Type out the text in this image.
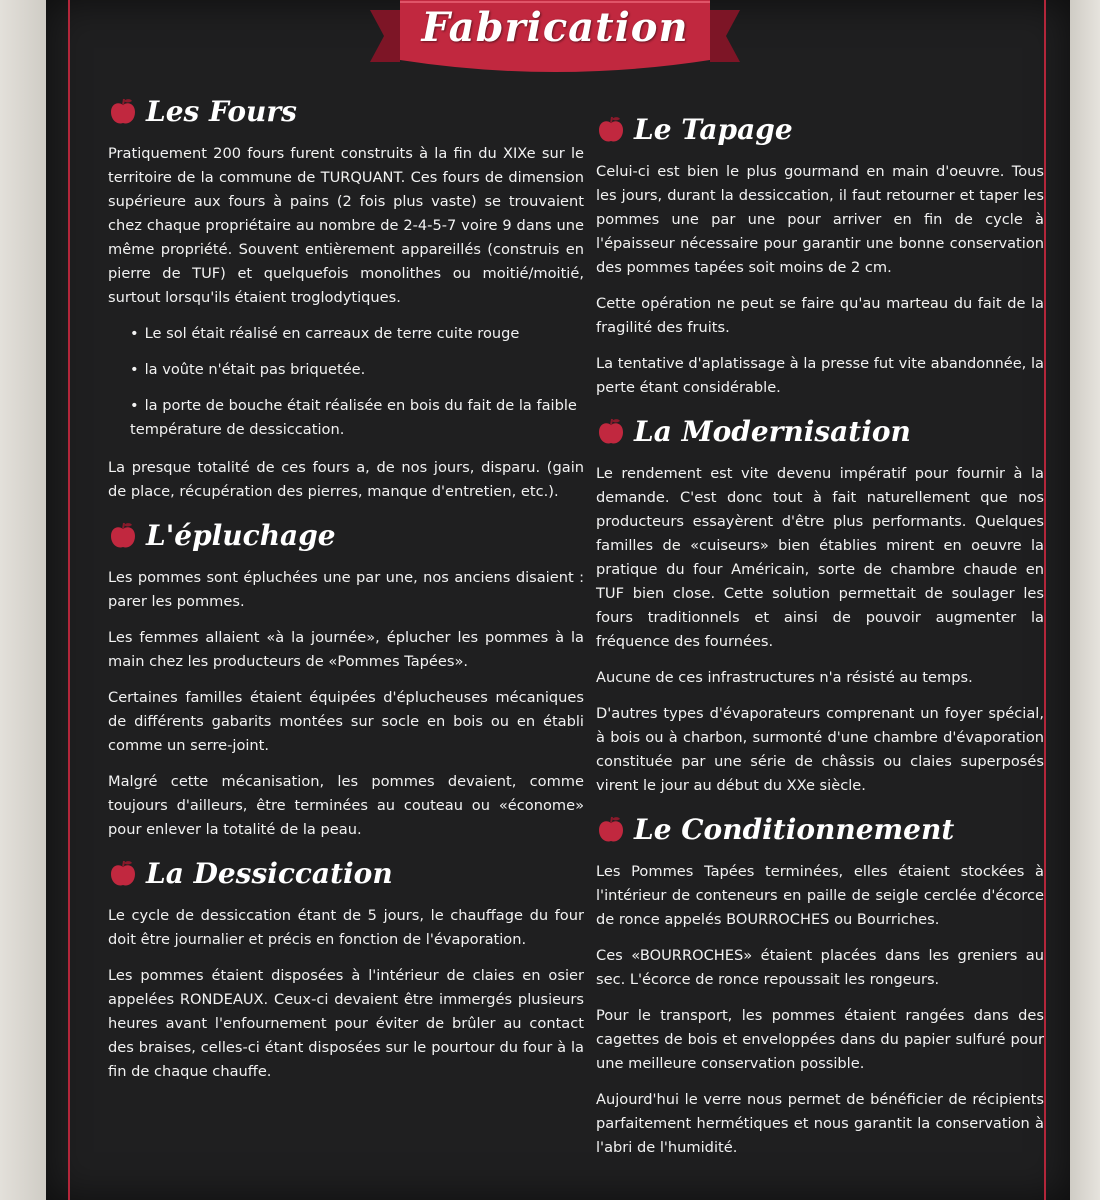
Fabrication
Les Fours

Pratiquement 200 fours furent construits à la fin du XIXe sur le territoire de la commune de TURQUANT. Ces fours de dimension supérieure aux fours à pains (2 fois plus vaste) se trouvaient chez chaque propriétaire au nombre de 2-4-5-7 voire 9 dans une même propriété. Souvent entièrement appareillés (construis en pierre de TUF) et quelquefois monolithes ou moitié/moitié, surtout lorsqu'ils étaient troglodytiques.

• Le sol était réalisé en carreaux de terre cuite rouge
• la voûte n'était pas briquetée.
• la porte de bouche était réalisée en bois du fait de la faible température de dessiccation.

La presque totalité de ces fours a, de nos jours, disparu. (gain de place, récupération des pierres, manque d'entretien, etc.).

L'épluchage

Les pommes sont épluchées une par une, nos anciens disaient : parer les pommes.

Les femmes allaient «à la journée», éplucher les pommes à la main chez les producteurs de «Pommes Tapées».

Certaines familles étaient équipées d'éplucheuses mécaniques de différents gabarits montées sur socle en bois ou en établi comme un serre-joint.

Malgré cette mécanisation, les pommes devaient, comme toujours d'ailleurs, être terminées au couteau ou «économe» pour enlever la totalité de la peau.

La Dessiccation

Le cycle de dessiccation étant de 5 jours, le chauffage du four doit être journalier et précis en fonction de l'évaporation.

Les pommes étaient disposées à l'intérieur de claies en osier appelées RONDEAUX. Ceux-ci devaient être immergés plusieurs heures avant l'enfournement pour éviter de brûler au contact des braises, celles-ci étant disposées sur le pourtour du four à la fin de chaque chauffe.

Le Tapage

Celui-ci est bien le plus gourmand en main d'oeuvre. Tous les jours, durant la dessiccation, il faut retourner et taper les pommes une par une pour arriver en fin de cycle à l'épaisseur nécessaire pour garantir une bonne conservation des pommes tapées soit moins de 2 cm.

Cette opération ne peut se faire qu'au marteau du fait de la fragilité des fruits.

La tentative d'aplatissage à la presse fut vite abandonnée, la perte étant considérable.

La Modernisation

Le rendement est vite devenu impératif pour fournir à la demande. C'est donc tout à fait naturellement que nos producteurs essayèrent d'être plus performants. Quelques familles de «cuiseurs» bien établies mirent en oeuvre la pratique du four Américain, sorte de chambre chaude en TUF bien close. Cette solution permettait de soulager les fours traditionnels et ainsi de pouvoir augmenter la fréquence des fournées.

Aucune de ces infrastructures n'a résisté au temps.

D'autres types d'évaporateurs comprenant un foyer spécial, à bois ou à charbon, surmonté d'une chambre d'évaporation constituée par une série de châssis ou claies superposés virent le jour au début du XXe siècle.

Le Conditionnement

Les Pommes Tapées terminées, elles étaient stockées à l'intérieur de conteneurs en paille de seigle cerclée d'écorce de ronce appelés BOURROCHES ou Bourriches.

Ces «BOURROCHES» étaient placées dans les greniers au sec. L'écorce de ronce repoussait les rongeurs.

Pour le transport, les pommes étaient rangées dans des cagettes de bois et enveloppées dans du papier sulfuré pour une meilleure conservation possible.

Aujourd'hui le verre nous permet de bénéficier de récipients parfaitement hermétiques et nous garantit la conservation à l'abri de l'humidité.
